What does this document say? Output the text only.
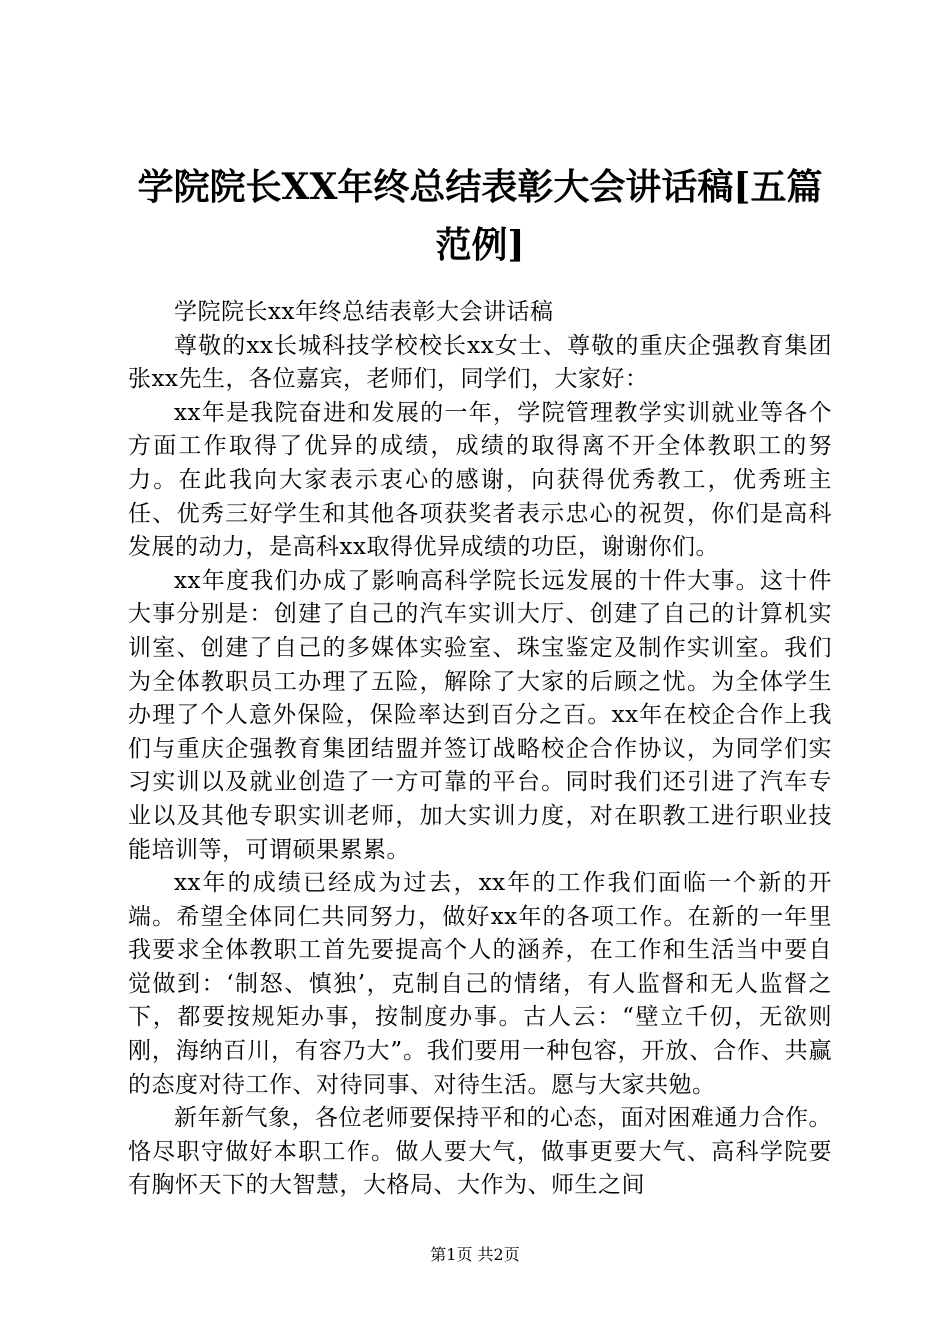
学院院长XX年终总结表彰大会讲话稿[五篇范例]

学院院长xx年终总结表彰大会讲话稿

尊敬的xx长城科技学校校长xx女士、尊敬的重庆企强教育集团张xx先生，各位嘉宾，老师们，同学们，大家好：

xx年是我院奋进和发展的一年，学院管理教学实训就业等各个方面工作取得了优异的成绩，成绩的取得离不开全体教职工的努力。在此我向大家表示衷心的感谢，向获得优秀教工，优秀班主任、优秀三好学生和其他各项获奖者表示忠心的祝贺，你们是高科发展的动力，是高科xx取得优异成绩的功臣，谢谢你们。

xx年度我们办成了影响高科学院长远发展的十件大事。这十件大事分别是：创建了自己的汽车实训大厅、创建了自己的计算机实训室、创建了自己的多媒体实验室、珠宝鉴定及制作实训室。我们为全体教职员工办理了五险，解除了大家的后顾之忧。为全体学生办理了个人意外保险，保险率达到百分之百。xx年在校企合作上我们与重庆企强教育集团结盟并签订战略校企合作协议，为同学们实习实训以及就业创造了一方可靠的平台。同时我们还引进了汽车专业以及其他专职实训老师，加大实训力度，对在职教工进行职业技能培训等，可谓硕果累累。

xx年的成绩已经成为过去，xx年的工作我们面临一个新的开端。希望全体同仁共同努力，做好xx年的各项工作。在新的一年里我要求全体教职工首先要提高个人的涵养，在工作和生活当中要自觉做到：‘制怒、慎独’，克制自己的情绪，有人监督和无人监督之下，都要按规矩办事，按制度办事。古人云：“壁立千仞，无欲则刚，海纳百川，有容乃大”。我们要用一种包容，开放、合作、共赢的态度对待工作、对待同事、对待生活。愿与大家共勉。

新年新气象，各位老师要保持平和的心态，面对困难通力合作。恪尽职守做好本职工作。做人要大气，做事更要大气、高科学院要有胸怀天下的大智慧，大格局、大作为、师生之间

第1页 共2页
